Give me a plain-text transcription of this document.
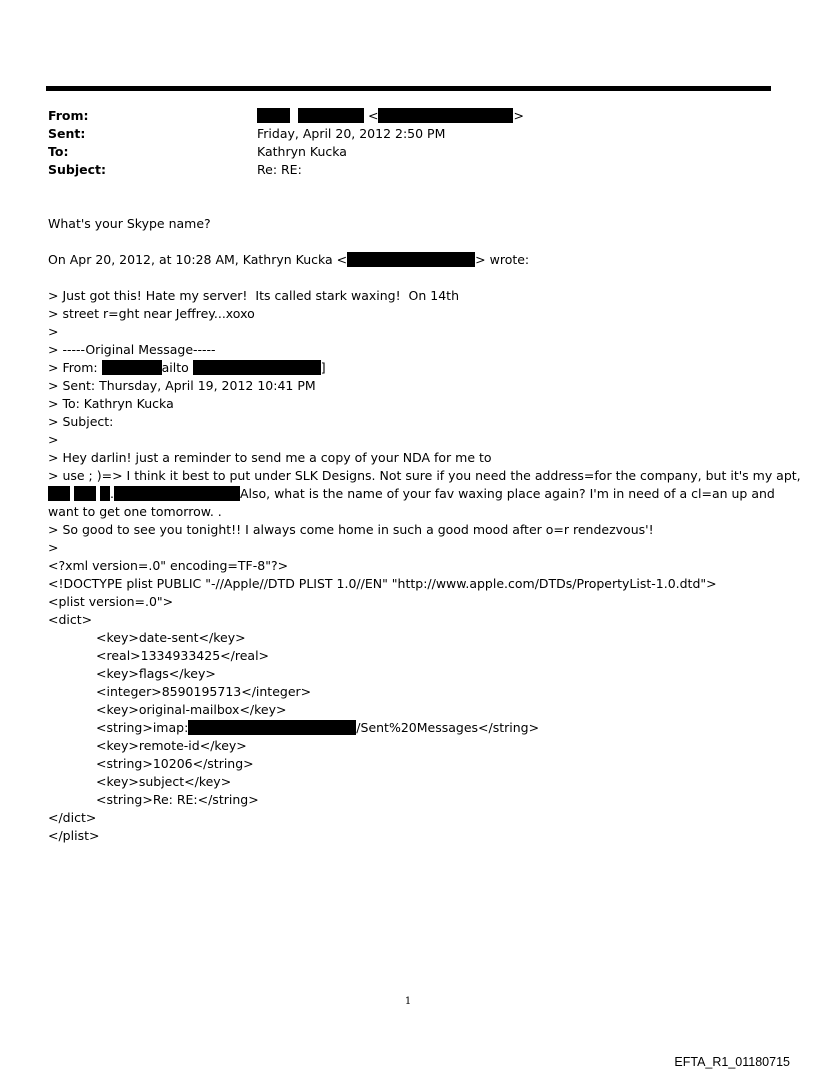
From:	<	>
Sent:	Friday, April 20, 2012 2:50 PM
To:	Kathryn Kucka
Subject:	Re: RE:
What's your Skype name?
On Apr 20, 2012, at 10:28 AM, Kathryn Kucka <	> wrote:
> Just got this! Hate my server!  Its called stark waxing!  On 14th
> street r=ght near Jeffrey...xoxo
>
> -----Original Message-----
> From:	ailto	]
> Sent: Thursday, April 19, 2012 10:41 PM
> To: Kathryn Kucka
> Subject:
>
> Hey darlin! just a reminder to send me a copy of your NDA for me to
> use ; )=> I think it best to put under SLK Designs. Not sure if you need the address=for the company, but it's my apt,
.	Also, what is the name of your fav waxing place again? I'm in need of a cl=an up and
want to get one tomorrow. .
> So good to see you tonight!! I always come home in such a good mood after o=r rendezvous'!
>
<?xml version=.0" encoding=TF-8"?>
<!DOCTYPE plist PUBLIC "-//Apple//DTD PLIST 1.0//EN" "http://www.apple.com/DTDs/PropertyList-1.0.dtd">
<plist version=.0">
<dict>
<key>date-sent</key>
<real>1334933425</real>
<key>flags</key>
<integer>8590195713</integer>
<key>original-mailbox</key>
<string>imap:	/Sent%20Messages</string>
<key>remote-id</key>
<string>10206</string>
<key>subject</key>
<string>Re: RE:</string>
</dict>
</plist>
1
EFTA_R1_01180715
